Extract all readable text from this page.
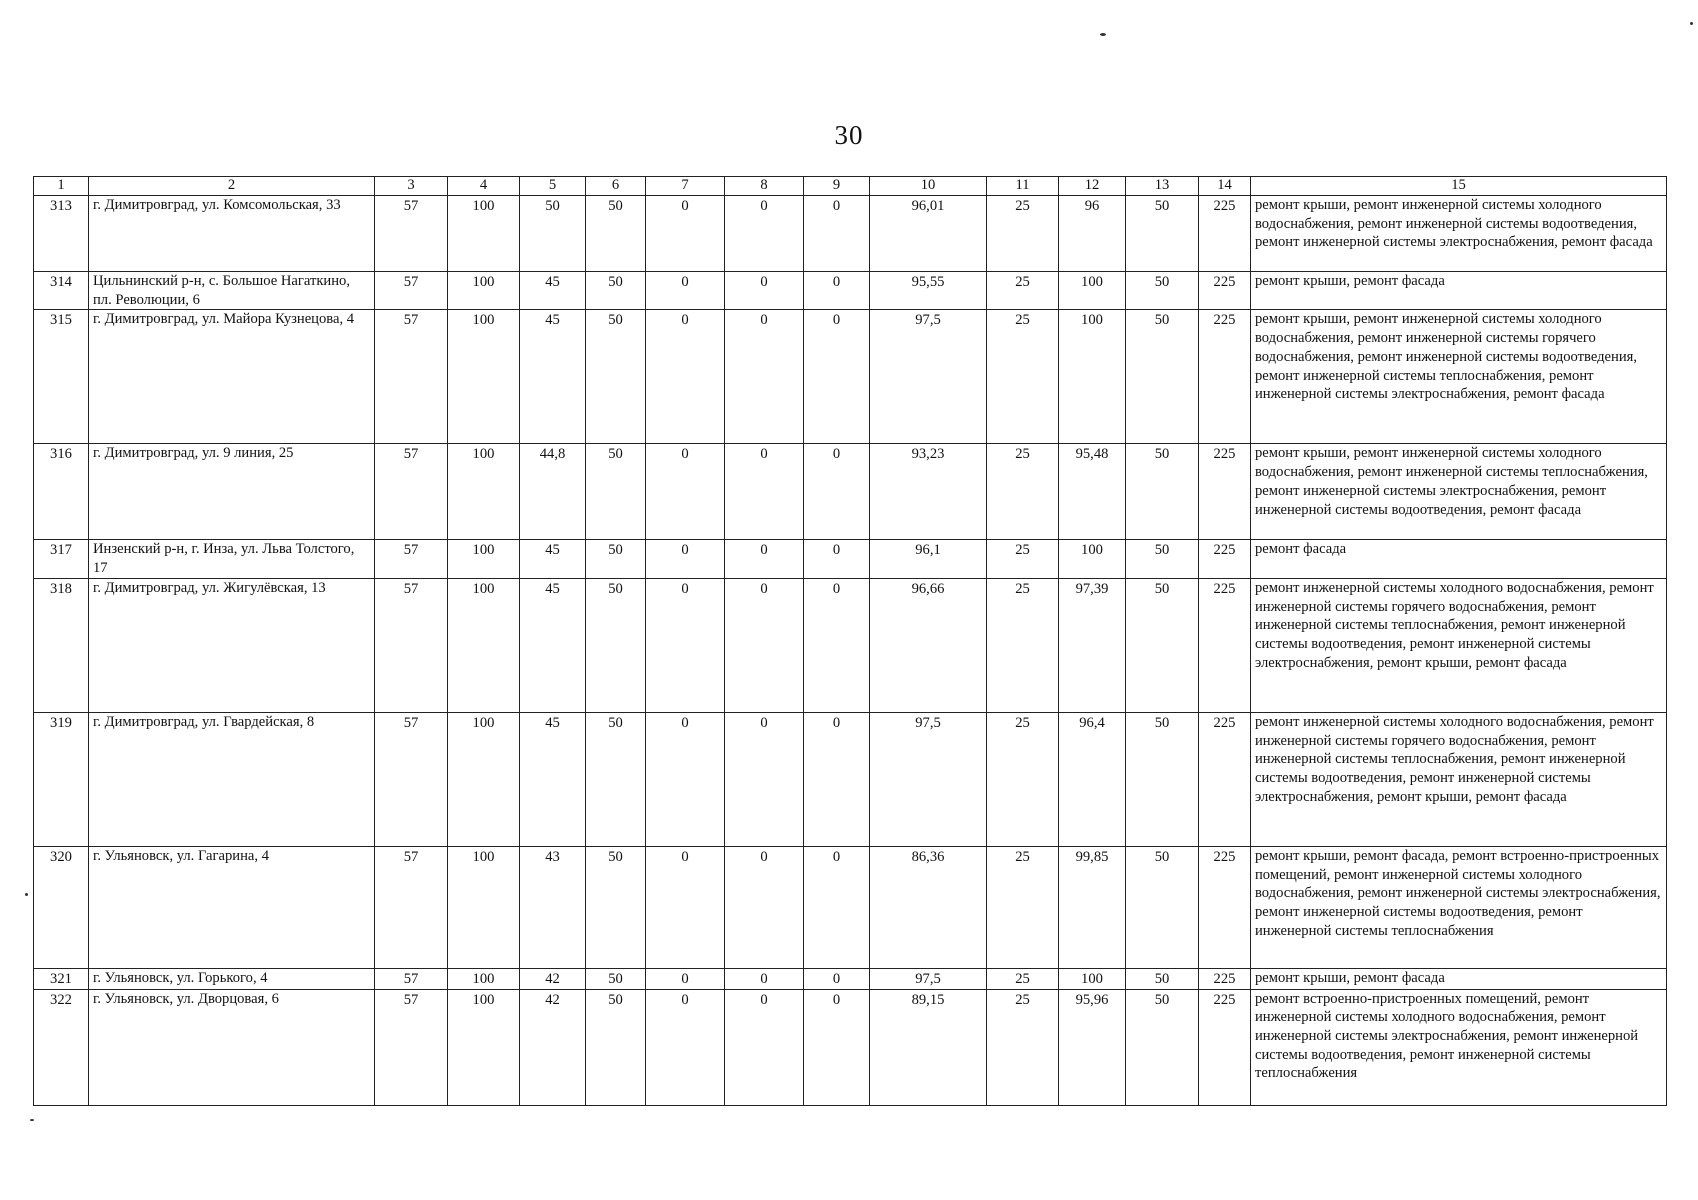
30
1	2	3	4	5	6	7	8	9	10	11	12	13	14	15
313	г. Димитровград, ул. Комсомольская, 33	57	100	50	50	0	0	0	96,01	25	96	50	225	ремонт крыши, ремонт инженерной системы холодного водоснабжения, ремонт инженерной системы водоотведения, ремонт инженерной системы электроснабжения, ремонт фасада
314	Цильнинский р-н, с. Большое Нагаткино, пл. Революции, 6	57	100	45	50	0	0	0	95,55	25	100	50	225	ремонт крыши, ремонт фасада
315	г. Димитровград, ул. Майора Кузнецова, 4	57	100	45	50	0	0	0	97,5	25	100	50	225	ремонт крыши, ремонт инженерной системы холодного водоснабжения, ремонт инженерной системы горячего водоснабжения, ремонт инженерной системы водоотведения, ремонт инженерной системы теплоснабжения, ремонт инженерной системы электроснабжения, ремонт фасада
316	г. Димитровград, ул. 9 линия, 25	57	100	44,8	50	0	0	0	93,23	25	95,48	50	225	ремонт крыши, ремонт инженерной системы холодного водоснабжения, ремонт инженерной системы теплоснабжения, ремонт инженерной системы электроснабжения, ремонт инженерной системы водоотведения, ремонт фасада
317	Инзенский р-н, г. Инза, ул. Льва Толстого, 17	57	100	45	50	0	0	0	96,1	25	100	50	225	ремонт фасада
318	г. Димитровград, ул. Жигулёвская, 13	57	100	45	50	0	0	0	96,66	25	97,39	50	225	ремонт инженерной системы холодного водоснабжения, ремонт инженерной системы горячего водоснабжения, ремонт инженерной системы теплоснабжения, ремонт инженерной системы водоотведения, ремонт инженерной системы электроснабжения, ремонт крыши, ремонт фасада
319	г. Димитровград, ул. Гвардейская, 8	57	100	45	50	0	0	0	97,5	25	96,4	50	225	ремонт инженерной системы холодного водоснабжения, ремонт инженерной системы горячего водоснабжения, ремонт инженерной системы теплоснабжения, ремонт инженерной системы водоотведения, ремонт инженерной системы электроснабжения, ремонт крыши, ремонт фасада
320	г. Ульяновск, ул. Гагарина, 4	57	100	43	50	0	0	0	86,36	25	99,85	50	225	ремонт крыши, ремонт фасада, ремонт встроенно-пристроенных помещений, ремонт инженерной системы холодного водоснабжения, ремонт инженерной системы электроснабжения, ремонт инженерной системы водоотведения, ремонт инженерной системы теплоснабжения
321	г. Ульяновск, ул. Горького, 4	57	100	42	50	0	0	0	97,5	25	100	50	225	ремонт крыши, ремонт фасада
322	г. Ульяновск, ул. Дворцовая, 6	57	100	42	50	0	0	0	89,15	25	95,96	50	225	ремонт встроенно-пристроенных помещений, ремонт инженерной системы холодного водоснабжения, ремонт инженерной системы электроснабжения, ремонт инженерной системы водоотведения, ремонт инженерной системы теплоснабжения
